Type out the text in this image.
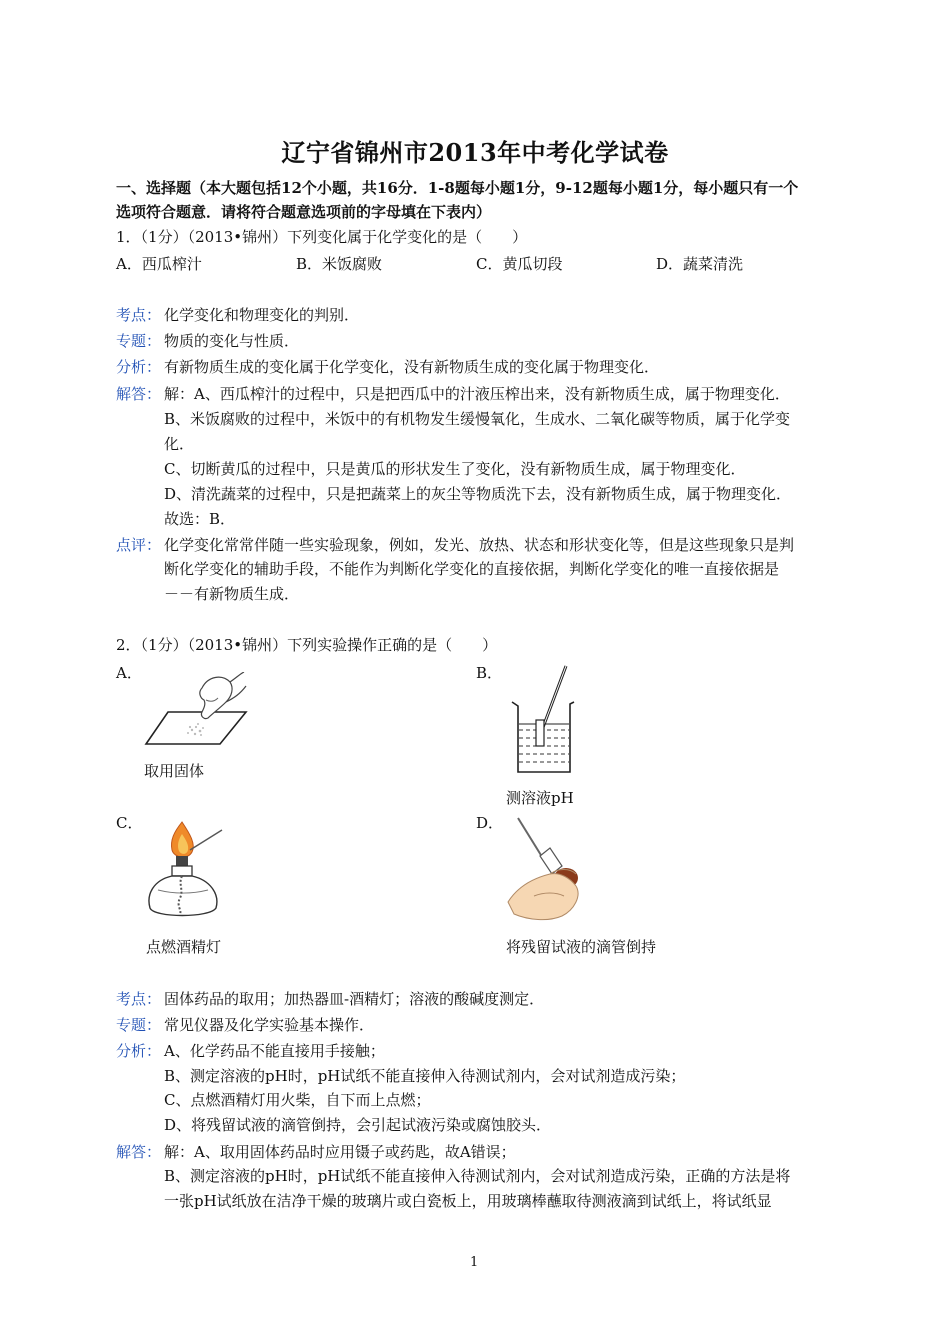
辽宁省锦州市2013年中考化学试卷
一、选择题（本大题包括12个小题，共16分．1-8题每小题1分，9-12题每小题1分，每小题只有一个
选项符合题意．请将符合题意选项前的字母填在下表内）
1．（1分）（2013•锦州）下列变化属于化学变化的是（　　）
A．西瓜榨汁	B．米饭腐败	C．黄瓜切段	D．蔬菜清洗
考点： 化学变化和物理变化的判别．
专题： 物质的变化与性质．
分析： 有新物质生成的变化属于化学变化，没有新物质生成的变化属于物理变化．
解答： 解：A、西瓜榨汁的过程中，只是把西瓜中的汁液压榨出来，没有新物质生成，属于物理变化．
B、米饭腐败的过程中，米饭中的有机物发生缓慢氧化，生成水、二氧化碳等物质，属于化学变
化．
C、切断黄瓜的过程中，只是黄瓜的形状发生了变化，没有新物质生成，属于物理变化．
D、清洗蔬菜的过程中，只是把蔬菜上的灰尘等物质洗下去，没有新物质生成，属于物理变化．
故选：B．
点评： 化学变化常常伴随一些实验现象，例如，发光、放热、状态和形状变化等，但是这些现象只是判
断化学变化的辅助手段，不能作为判断化学变化的直接依据，判断化学变化的唯一直接依据是
－－有新物质生成．
2．（1分）（2013•锦州）下列实验操作正确的是（　　）
A．	B．
取用固体
测溶液pH
C．	D．
点燃酒精灯	将残留试液的滴管倒持
考点： 固体药品的取用；加热器皿-酒精灯；溶液的酸碱度测定．
专题： 常见仪器及化学实验基本操作．
分析： A、化学药品不能直接用手接触；
B、测定溶液的pH时，pH试纸不能直接伸入待测试剂内，会对试剂造成污染；
C、点燃酒精灯用火柴，自下而上点燃；
D、将残留试液的滴管倒持，会引起试液污染或腐蚀胶头．
解答： 解：A、取用固体药品时应用镊子或药匙，故A错误；
B、测定溶液的pH时，pH试纸不能直接伸入待测试剂内，会对试剂造成污染，正确的方法是将
一张pH试纸放在洁净干燥的玻璃片或白瓷板上，用玻璃棒蘸取待测液滴到试纸上，将试纸显
1
